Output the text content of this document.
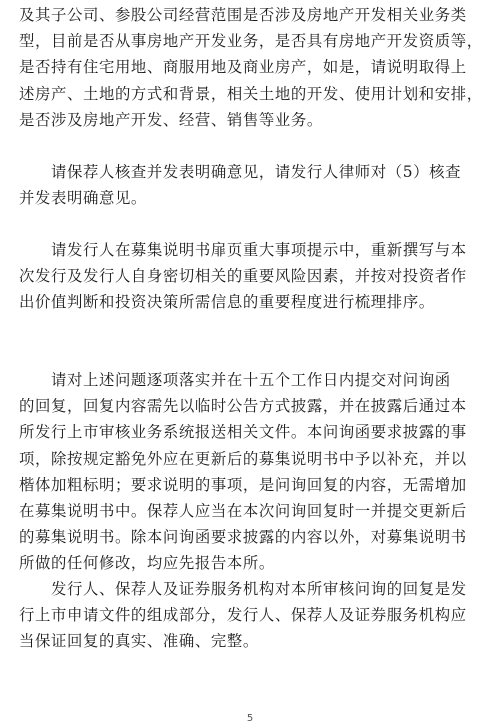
及其子公司、参股公司经营范围是否涉及房地产开发相关业务类
型，目前是否从事房地产开发业务，是否具有房地产开发资质等，
是否持有住宅用地、商服用地及商业房产，如是，请说明取得上
述房产、土地的方式和背景，相关土地的开发、使用计划和安排，
是否涉及房地产开发、经营、销售等业务。

　　请保荐人核查并发表明确意见，请发行人律师对（5）核查
并发表明确意见。

　　请发行人在募集说明书扉页重大事项提示中，重新撰写与本
次发行及发行人自身密切相关的重要风险因素，并按对投资者作
出价值判断和投资决策所需信息的重要程度进行梳理排序。

　　请对上述问题逐项落实并在十五个工作日内提交对问询函
的回复，回复内容需先以临时公告方式披露，并在披露后通过本
所发行上市审核业务系统报送相关文件。本问询函要求披露的事
项，除按规定豁免外应在更新后的募集说明书中予以补充，并以
楷体加粗标明；要求说明的事项，是问询回复的内容，无需增加
在募集说明书中。保荐人应当在本次问询回复时一并提交更新后
的募集说明书。除本问询函要求披露的内容以外，对募集说明书
所做的任何修改，均应先报告本所。

　　发行人、保荐人及证券服务机构对本所审核问询的回复是发
行上市申请文件的组成部分，发行人、保荐人及证券服务机构应
当保证回复的真实、准确、完整。

5
